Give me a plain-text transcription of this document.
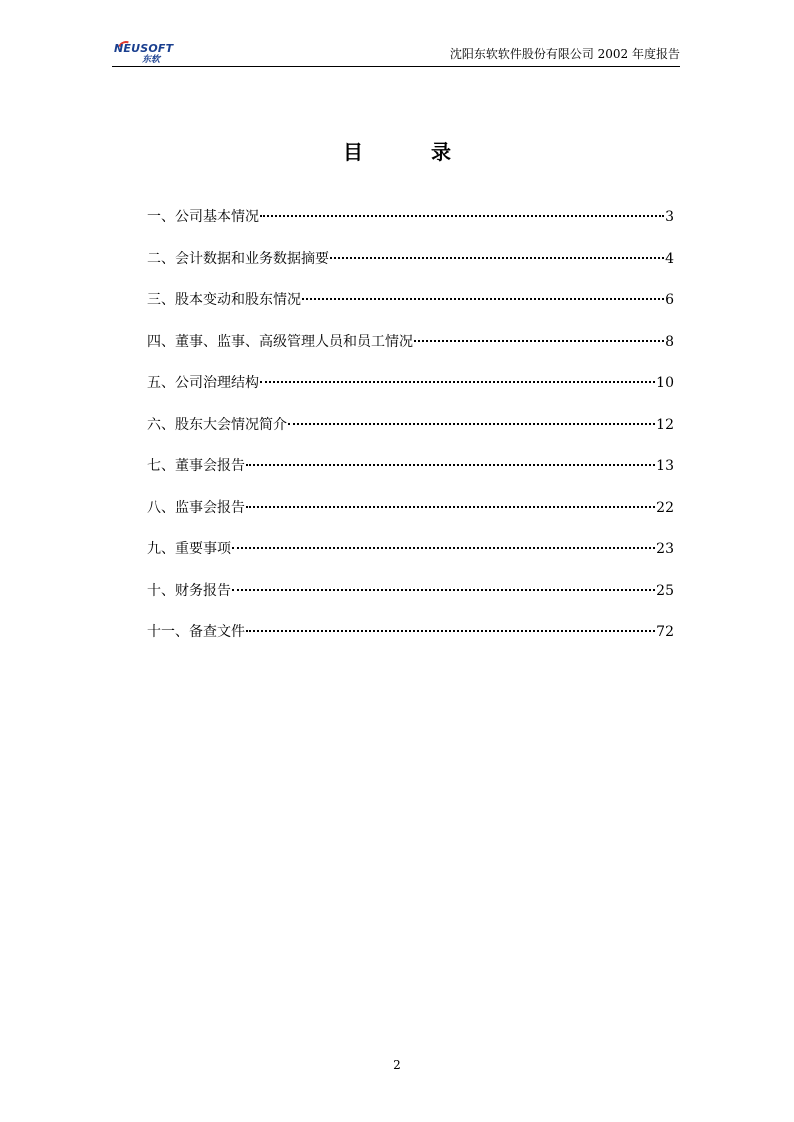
NEUSOFT
东软	沈阳东软软件股份有限公司 2002 年度报告
目	录
一、公司基本情况	3
二、会计数据和业务数据摘要	4
三、股本变动和股东情况	6
四、董事、监事、高级管理人员和员工情况	8
五、公司治理结构	10
六、股东大会情况简介	12
七、董事会报告	13
八、监事会报告	22
九、重要事项	23
十、财务报告	25
十一、备查文件	72
2
